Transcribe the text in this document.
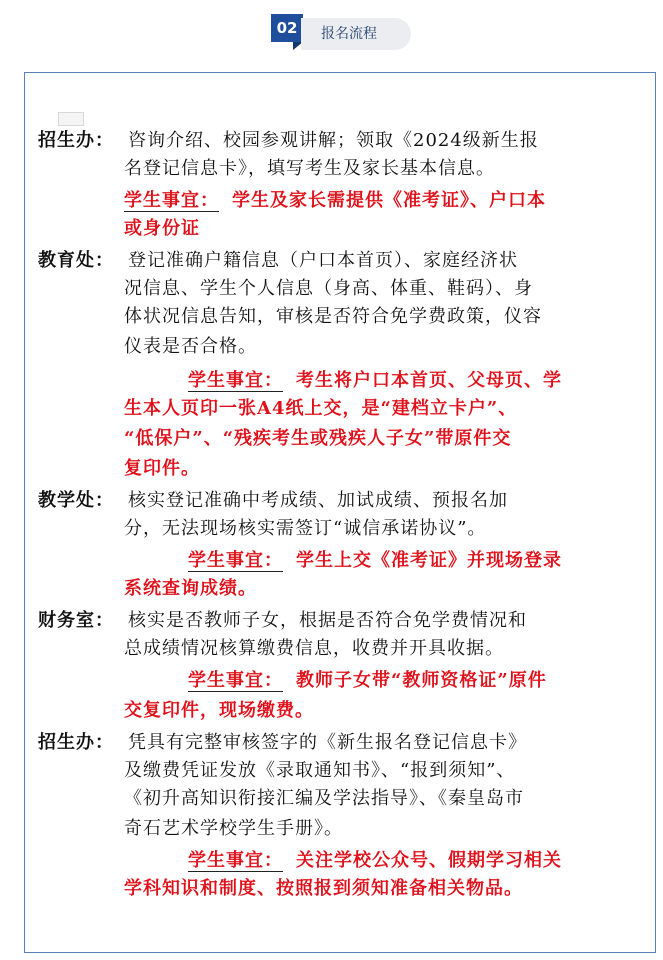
02	报名流程
招生办： 咨询介绍、校园参观讲解；领取《2024级新生报
名登记信息卡》，填写考生及家长基本信息。
学生事宜： 学生及家长需提供《准考证》、户口本
或身份证
教育处： 登记准确户籍信息（户口本首页）、家庭经济状
况信息、学生个人信息（身高、体重、鞋码）、身
体状况信息告知，审核是否符合免学费政策，仪容
仪表是否合格。
学生事宜： 考生将户口本首页、父母页、学
生本人页印一张A4纸上交，是“建档立卡户”、
“低保户”、“残疾考生或残疾人子女”带原件交
复印件。
教学处： 核实登记准确中考成绩、加试成绩、预报名加
分，无法现场核实需签订“诚信承诺协议”。
学生事宜： 学生上交《准考证》并现场登录
系统查询成绩。
财务室： 核实是否教师子女，根据是否符合免学费情况和
总成绩情况核算缴费信息，收费并开具收据。
学生事宜： 教师子女带“教师资格证”原件
交复印件，现场缴费。
招生办： 凭具有完整审核签字的《新生报名登记信息卡》
及缴费凭证发放《录取通知书》、“报到须知”、
《初升高知识衔接汇编及学法指导》、《秦皇岛市
奇石艺术学校学生手册》。
学生事宜： 关注学校公众号、假期学习相关
学科知识和制度、按照报到须知准备相关物品。
